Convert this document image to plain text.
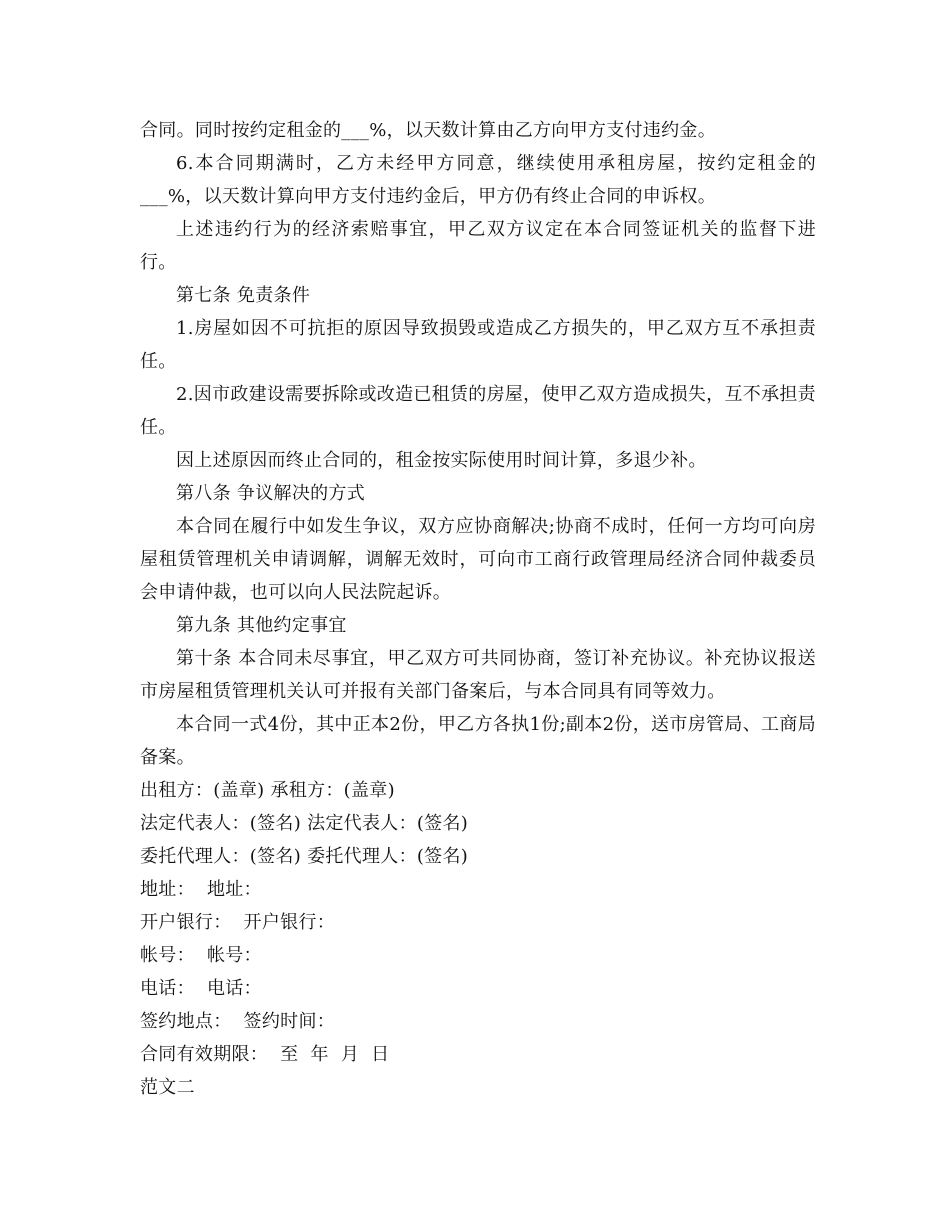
合同。同时按约定租金的___%，以天数计算由乙方向甲方支付违约金。

6.本合同期满时，乙方未经甲方同意，继续使用承租房屋，按约定租金的___%，以天数计算向甲方支付违约金后，甲方仍有终止合同的申诉权。

上述违约行为的经济索赔事宜，甲乙双方议定在本合同签证机关的监督下进行。

第七条 免责条件

1.房屋如因不可抗拒的原因导致损毁或造成乙方损失的，甲乙双方互不承担责任。

2.因市政建设需要拆除或改造已租赁的房屋，使甲乙双方造成损失，互不承担责任。

因上述原因而终止合同的，租金按实际使用时间计算，多退少补。

第八条 争议解决的方式

本合同在履行中如发生争议，双方应协商解决;协商不成时，任何一方均可向房屋租赁管理机关申请调解，调解无效时，可向市工商行政管理局经济合同仲裁委员会申请仲裁，也可以向人民法院起诉。

第九条 其他约定事宜

第十条 本合同未尽事宜，甲乙双方可共同协商，签订补充协议。补充协议报送市房屋租赁管理机关认可并报有关部门备案后，与本合同具有同等效力。

本合同一式4份，其中正本2份，甲乙方各执1份;副本2份，送市房管局、工商局备案。

出租方：(盖章) 承租方：(盖章)

法定代表人：(签名) 法定代表人：(签名)

委托代理人：(签名) 委托代理人：(签名)

地址：  地址：

开户银行：  开户银行：

帐号：  帐号：

电话：  电话：

签约地点：  签约时间：

合同有效期限：  至  年  月  日

范文二
